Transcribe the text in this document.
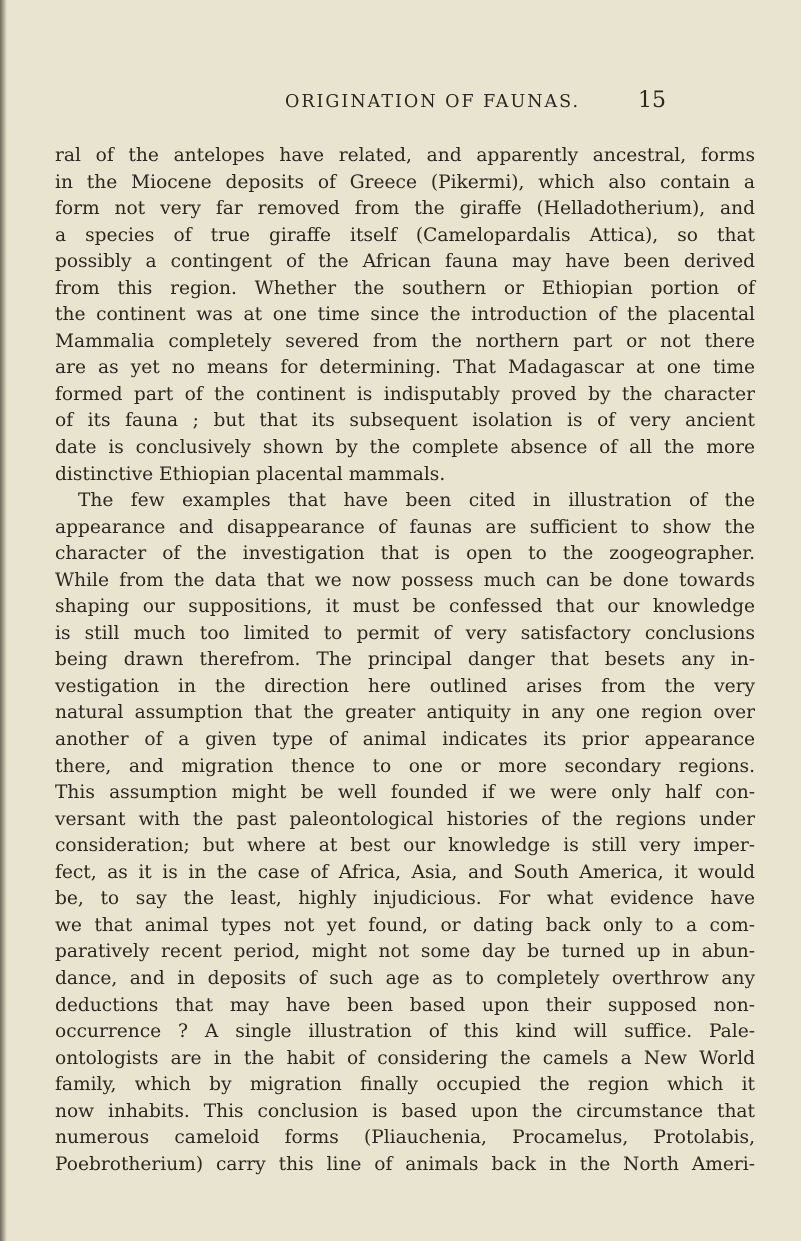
ORIGINATION OF FAUNAS.	15
ral of the antelopes have related, and apparently ancestral, forms
in the Miocene deposits of Greece (Pikermi), which also contain a
form not very far removed from the giraffe (Helladotherium), and
a species of true giraffe itself (Camelopardalis Attica), so that
possibly a contingent of the African fauna may have been derived
from this region. Whether the southern or Ethiopian portion of
the continent was at one time since the introduction of the placental
Mammalia completely severed from the northern part or not there
are as yet no means for determining. That Madagascar at one time
formed part of the continent is indisputably proved by the character
of its fauna ; but that its subsequent isolation is of very ancient
date is conclusively shown by the complete absence of all the more
distinctive Ethiopian placental mammals.
The few examples that have been cited in illustration of the
appearance and disappearance of faunas are sufficient to show the
character of the investigation that is open to the zoogeographer.
While from the data that we now possess much can be done towards
shaping our suppositions, it must be confessed that our knowledge
is still much too limited to permit of very satisfactory conclusions
being drawn therefrom. The principal danger that besets any in-
vestigation in the direction here outlined arises from the very
natural assumption that the greater antiquity in any one region over
another of a given type of animal indicates its prior appearance
there, and migration thence to one or more secondary regions.
This assumption might be well founded if we were only half con-
versant with the past paleontological histories of the regions under
consideration; but where at best our knowledge is still very imper-
fect, as it is in the case of Africa, Asia, and South America, it would
be, to say the least, highly injudicious. For what evidence have
we that animal types not yet found, or dating back only to a com-
paratively recent period, might not some day be turned up in abun-
dance, and in deposits of such age as to completely overthrow any
deductions that may have been based upon their supposed non-
occurrence ? A single illustration of this kind will suffice. Pale-
ontologists are in the habit of considering the camels a New World
family, which by migration finally occupied the region which it
now inhabits. This conclusion is based upon the circumstance that
numerous cameloid forms (Pliauchenia, Procamelus, Protolabis,
Poebrotherium) carry this line of animals back in the North Ameri-
